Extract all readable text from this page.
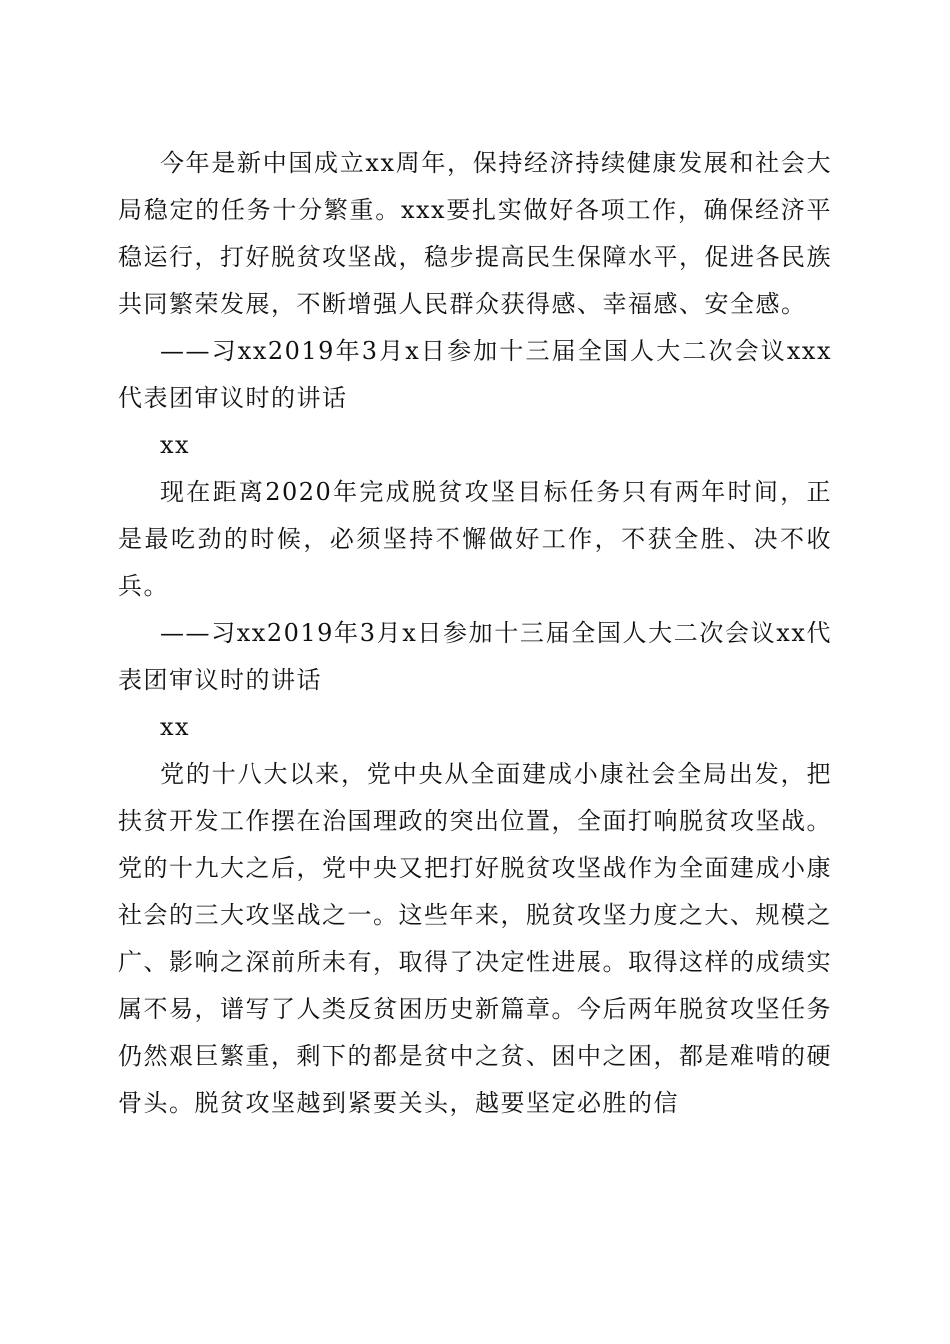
今年是新中国成立xx周年，保持经济持续健康发展和社会大局稳定的任务十分繁重。xxx要扎实做好各项工作，确保经济平稳运行，打好脱贫攻坚战，稳步提高民生保障水平，促进各民族共同繁荣发展，不断增强人民群众获得感、幸福感、安全感。

——习xx2019年3月x日参加十三届全国人大二次会议xxx代表团审议时的讲话

xx

现在距离2020年完成脱贫攻坚目标任务只有两年时间，正是最吃劲的时候，必须坚持不懈做好工作，不获全胜、决不收兵。

——习xx2019年3月x日参加十三届全国人大二次会议xx代表团审议时的讲话

xx

党的十八大以来，党中央从全面建成小康社会全局出发，把扶贫开发工作摆在治国理政的突出位置，全面打响脱贫攻坚战。党的十九大之后，党中央又把打好脱贫攻坚战作为全面建成小康社会的三大攻坚战之一。这些年来，脱贫攻坚力度之大、规模之广、影响之深前所未有，取得了决定性进展。取得这样的成绩实属不易，谱写了人类反贫困历史新篇章。今后两年脱贫攻坚任务仍然艰巨繁重，剩下的都是贫中之贫、困中之困，都是难啃的硬骨头。脱贫攻坚越到紧要关头，越要坚定必胜的信
